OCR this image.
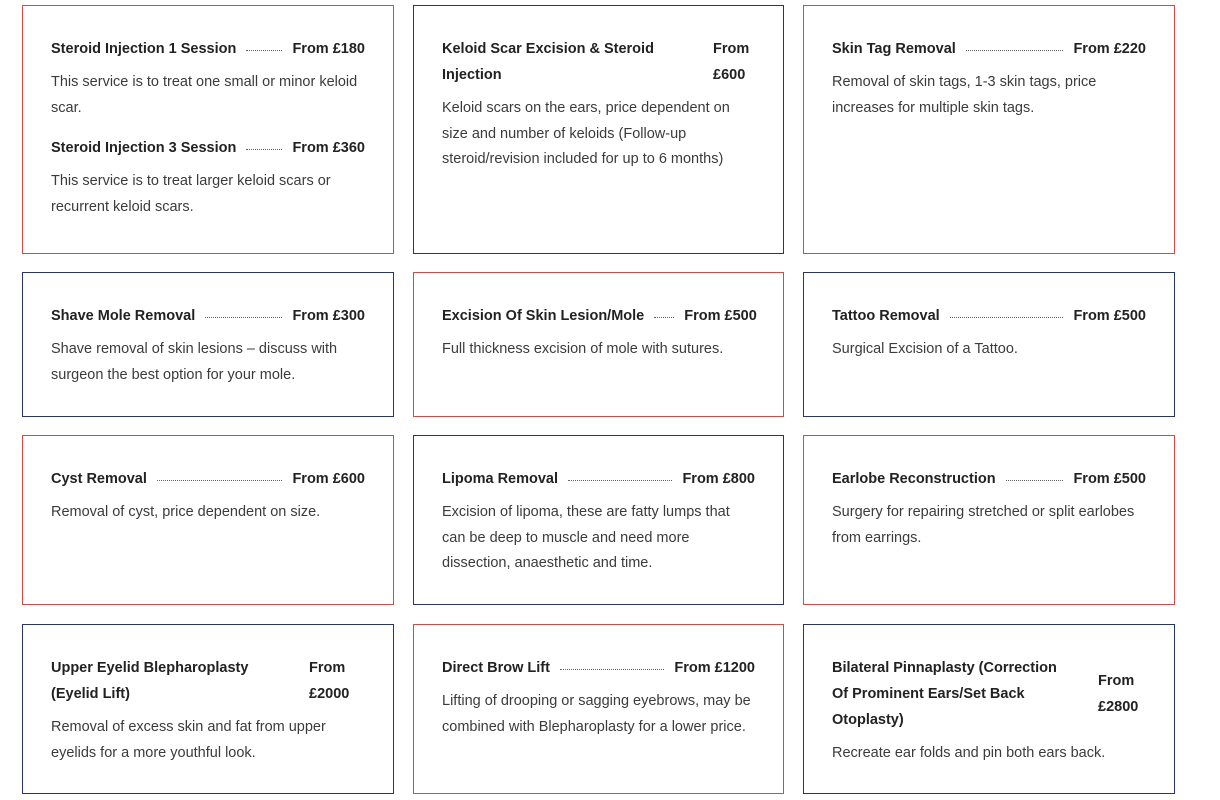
Steroid Injection 1 Session	From £180
This service is to treat one small or minor keloid scar.
Steroid Injection 3 Session	From £360
This service is to treat larger keloid scars or recurrent keloid scars.
Keloid Scar Excision & Steroid Injection
From £600
Keloid scars on the ears, price dependent on size and number of keloids (Follow-up steroid/revision included for up to 6 months)
Skin Tag Removal	From £220
Removal of skin tags, 1-3 skin tags, price increases for multiple skin tags.
Shave Mole Removal	From £300
Shave removal of skin lesions – discuss with surgeon the best option for your mole.
Excision Of Skin Lesion/Mole	From £500
Full thickness excision of mole with sutures.
Tattoo Removal	From £500
Surgical Excision of a Tattoo.
Cyst Removal	From £600
Removal of cyst, price dependent on size.
Lipoma Removal	From £800
Excision of lipoma, these are fatty lumps that can be deep to muscle and need more dissection, anaesthetic and time.
Earlobe Reconstruction	From £500
Surgery for repairing stretched or split earlobes from earrings.
Upper Eyelid Blepharoplasty (Eyelid Lift)
From £2000
Removal of excess skin and fat from upper eyelids for a more youthful look.
Direct Brow Lift	From £1200
Lifting of drooping or sagging eyebrows, may be combined with Blepharoplasty for a lower price.
Bilateral Pinnaplasty (Correction Of Prominent Ears/Set Back Otoplasty)
From £2800
Recreate ear folds and pin both ears back.
